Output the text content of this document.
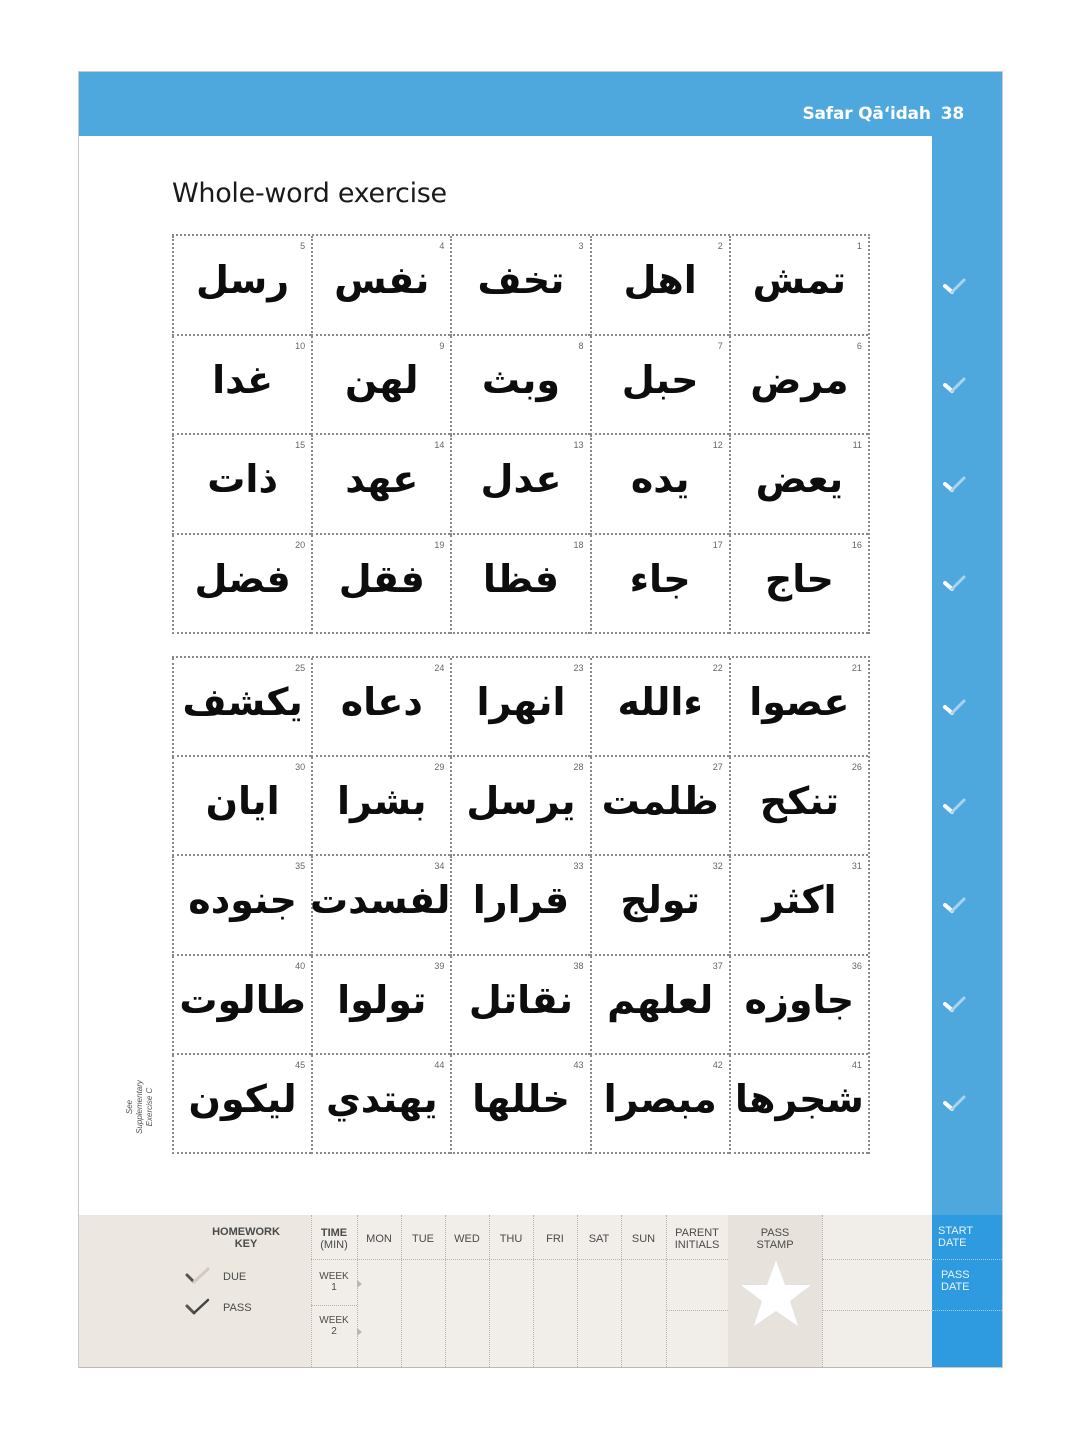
Safar Qā‘idah 38
Whole-word exercise
1
تمش
2
اهل
3
تخف
4
نفس
5
رسل
6
مرض
7
حبل
8
وبث
9
لهن
10
غدا
11
يعض
12
يده
13
عدل
14
عهد
15
ذات
16
حاج
17
جاء
18
فظا
19
فقل
20
فضل
21
عصوا
22
ءالله
23
انهرا
24
دعاه
25
يكشف
26
تنكح
27
ظلمت
28
يرسل
29
بشرا
30
ايان
31
اكثر
32
تولج
33
قرارا
34
لفسدت
35
جنوده
36
جاوزه
37
لعلهم
38
نقاتل
39
تولوا
40
طالوت
41
شجرها
42
مبصرا
43
خللها
44
يهتدي
45
ليكون
See Supplementary Exercise C
HOMEWORK
KEY
DUE
PASS
PASS
STAMP
TIME
(MIN)	MON	TUE	WED	THU	FRI	SAT	SUN	PARENT
INITIALS
WEEK
1
WEEK
2
START
DATE
PASS
DATE
